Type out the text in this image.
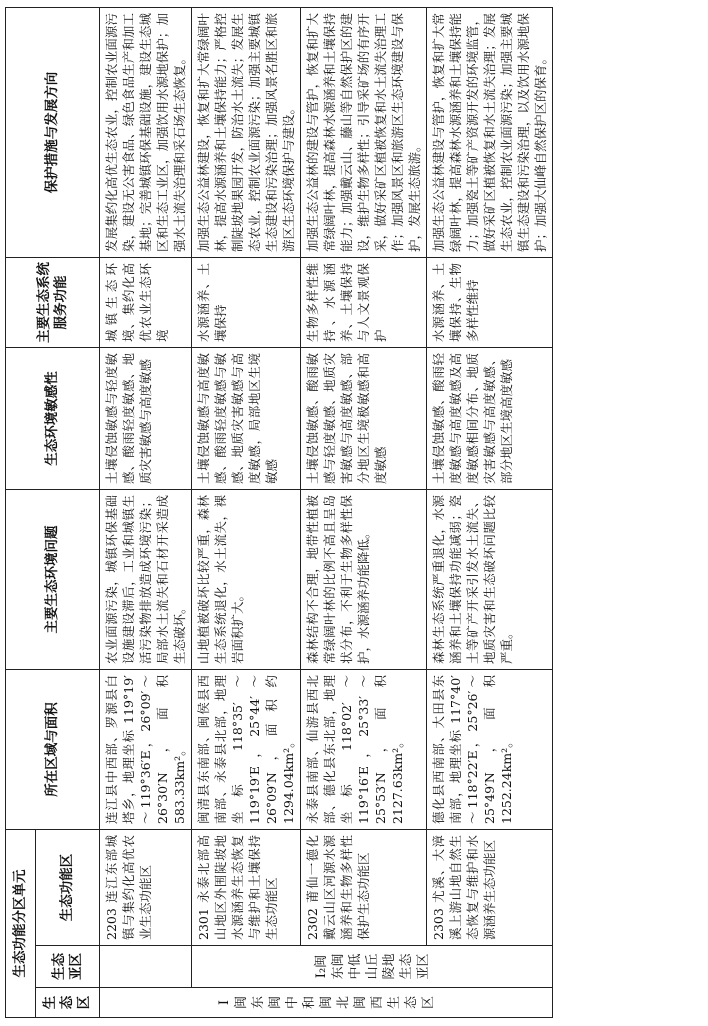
生态功能分区单元			所在区域与面积	主要生态环境问题	生态环境敏感性	主要生态系统服务功能	保护措施与发展方向
生态区	生态亚区	生态功能区					
I 闽东闽中和闽北闽西生态区		2203 连江东部城镇与集约化高优农业生态功能区	连江县中西部、罗源县白塔乡，地理坐标 119°19′～119°36′E，26°09′～26°30′N，面积583.33km²。	农业面源污染，城镇环保基础设施建设滞后，工业和城镇生活污染物排放造成环境污染；局部水土流失和石材开采造成生态破坏。	土壤侵蚀敏感与轻度敏感、酸雨轻度敏感、地质灾害敏感与高度敏感	城镇生态环境、集约化高优农业生态环境	发展集约化高优生态农业，控制农业面源污染，建设无公害食品、绿色食品生产和加工基地；完善城镇环保基础设施，建设生态城区和生态工业区，加强饮用水源地保护；加强水土流失治理和采石场生态恢复。
	I₂闽东闽中低山丘陵地生态亚区	2301 永泰北部高山地区外围陡坡地水源涵养生态恢复与维护和土壤保持生态功能区	闽清县东南部、闽侯县西南部、永泰县北部，地理坐标 118°35′～119°19′E，25°44′～26°09′N，面积约1294.04km²。	山地植被破坏比较严重，森林生态系统退化，水土流失，裸岩面积扩大。	土壤侵蚀敏感与高度敏感、酸雨轻度敏感与敏感、地质灾害敏感与高度敏感，局部地区生境敏感	水源涵养、土壤保持	加强生态公益林建设，恢复和扩大常绿阔叶林，提高水源涵养和土壤保持能力；严格控制陡坡地果园开发，防治水土流失；发展生态农业，控制农业面源污染；加强主要城镇生态建设和污染治理；加强风景名胜区和旅游区生态环境保护与建设。
		2302 莆仙一德化戴云山区河源水源涵养和生物多样性保护生态功能区	永泰县南部、仙游县西北部、德化县东北部，地理坐标 118°02′～119°16′E，25°33′～25°53′N，面积2127.63km²。	森林结构不合理，地带性植被常绿阔叶林的比例不高且呈岛状分布，不利于生物多样性保护，水源涵养功能降低。	土壤侵蚀敏感、酸雨敏感与轻度敏感、地质灾害敏感与高度敏感、部分地区生境极敏感和高度敏感	生物多样性维持、水源涵养、土壤保持与人文景观保护	加强生态公益林的建设与管护，恢复和扩大常绿阔叶林，提高森林水源涵养和土壤保持能力；加强戴云山、藤山等自然保护区的建设，维护生物多样性；引导采矿场的有序开采，做好采矿区植被恢复和水土流失治理工作；加强风景区和旅游区生态环境建设与保护，发展生态旅游。
		2303 尤溪、大漳溪上游山地自然生态恢复与维护和水源涵养生态功能区	德化县西南部、大田县东南部，地理坐标 117°40′～118°22′E，25°26′～25°49′N，面积1252.24km²。	森林生态系统严重退化，水源涵养和土壤保持功能减弱；瓷土等矿产开采引发水土流失、地质灾害和生态破坏问题比较严重。	土壤侵蚀敏感、酸雨轻度敏感与高度敏感及高度敏感相间分布、地质灾害敏感与高度敏感、部分地区生境高度敏感	水源涵养、土壤保持、生物多样性维持	加强生态公益林建设与管护，恢复和扩大常绿阔叶林，提高森林水源涵养和土壤保持能力；加强瓷土等矿产资源开发的环境监管，做好采矿区植被恢复和水土流失治理；发展生态农业，控制农业面源污染；加强主要城镇生态建设和污染治理，以及饮用水源地保护；加强大仙峰自然保护区的保育。
